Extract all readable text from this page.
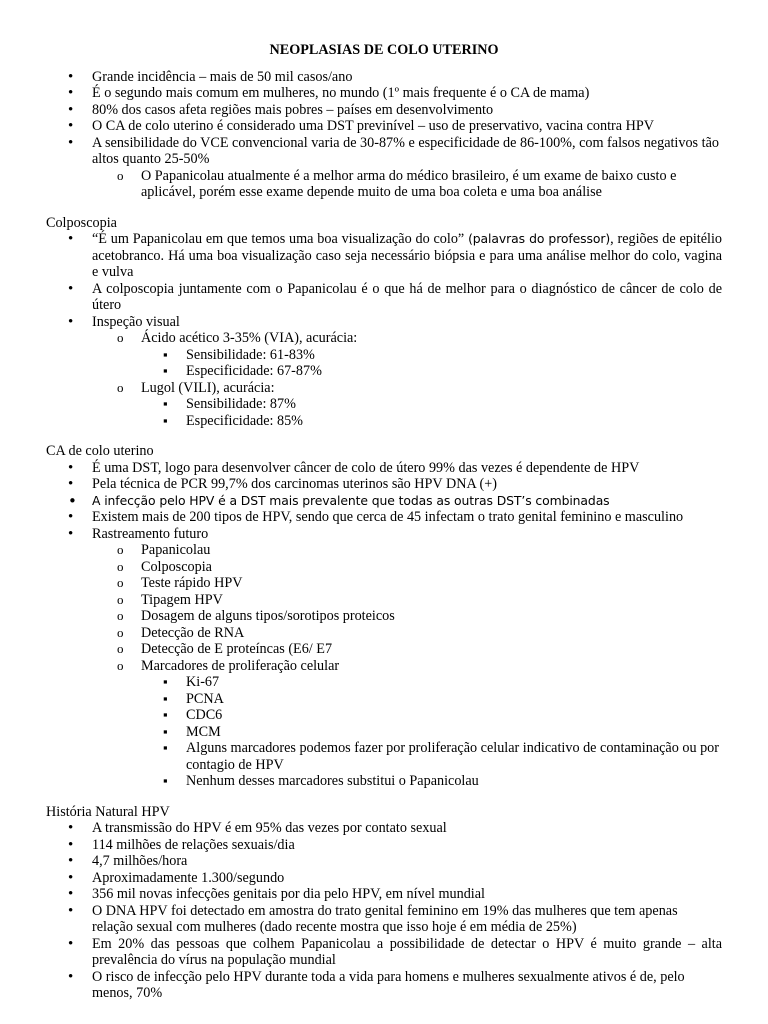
NEOPLASIAS DE COLO UTERINO
• Grande incidência – mais de 50 mil casos/ano
• É o segundo mais comum em mulheres, no mundo (1º mais frequente é o CA de mama)
• 80% dos casos afeta regiões mais pobres – países em desenvolvimento
• O CA de colo uterino é considerado uma DST previnível – uso de preservativo, vacina contra HPV
• A sensibilidade do VCE convencional varia de 30-87% e especificidade de 86-100%, com falsos negativos tão altos quanto 25-50%
o O Papanicolau atualmente é a melhor arma do médico brasileiro, é um exame de baixo custo e aplicável, porém esse exame depende muito de uma boa coleta e uma boa análise
Colposcopia
• “É um Papanicolau em que temos uma boa visualização do colo” (palavras do professor), regiões de epitélio acetobranco. Há uma boa visualização caso seja necessário biópsia e para uma análise melhor do colo, vagina e vulva
• A colposcopia juntamente com o Papanicolau é o que há de melhor para o diagnóstico de câncer de colo de útero
• Inspeção visual
o Ácido acético 3-35% (VIA), acurácia:
▪ Sensibilidade: 61-83%
▪ Especificidade: 67-87%
o Lugol (VILI), acurácia:
▪ Sensibilidade: 87%
▪ Especificidade: 85%
CA de colo uterino
• É uma DST, logo para desenvolver câncer de colo de útero 99% das vezes é dependente de HPV
• Pela técnica de PCR 99,7% dos carcinomas uterinos são HPV DNA (+)
• A infecção pelo HPV é a DST mais prevalente que todas as outras DST’s combinadas
• Existem mais de 200 tipos de HPV, sendo que cerca de 45 infectam o trato genital feminino e masculino
• Rastreamento futuro
o Papanicolau
o Colposcopia
o Teste rápido HPV
o Tipagem HPV
o Dosagem de alguns tipos/sorotipos proteicos
o Detecção de RNA
o Detecção de E proteíncas (E6/ E7
o Marcadores de proliferação celular
▪ Ki-67
▪ PCNA
▪ CDC6
▪ MCM
▪ Alguns marcadores podemos fazer por proliferação celular indicativo de contaminação ou por contagio de HPV
▪ Nenhum desses marcadores substitui o Papanicolau
História Natural HPV
• A transmissão do HPV é em 95% das vezes por contato sexual
• 114 milhões de relações sexuais/dia
• 4,7 milhões/hora
• Aproximadamente 1.300/segundo
• 356 mil novas infecções genitais por dia pelo HPV, em nível mundial
• O DNA HPV foi detectado em amostra do trato genital feminino em 19% das mulheres que tem apenas relação sexual com mulheres (dado recente mostra que isso hoje é em média de 25%)
• Em 20% das pessoas que colhem Papanicolau a possibilidade de detectar o HPV é muito grande – alta prevalência do vírus na população mundial
• O risco de infecção pelo HPV durante toda a vida para homens e mulheres sexualmente ativos é de, pelo menos, 70%
